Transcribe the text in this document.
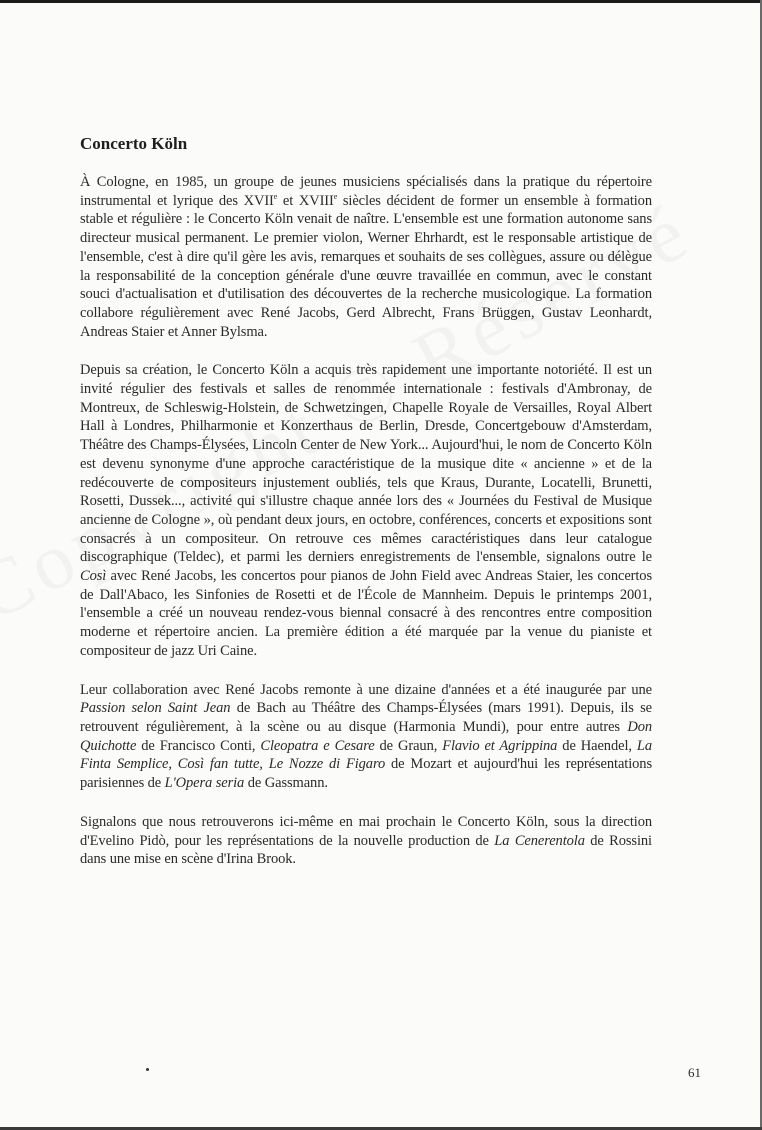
Concerto Köln

À Cologne, en 1985, un groupe de jeunes musiciens spécialisés dans la pratique du répertoire instrumental et lyrique des XVIIe et XVIIIe siècles décident de former un ensemble à formation stable et régulière : le Concerto Köln venait de naître. L'ensemble est une formation autonome sans directeur musical permanent. Le premier violon, Werner Ehrhardt, est le responsable artistique de l'ensemble, c'est à dire qu'il gère les avis, remarques et souhaits de ses collègues, assure ou délègue la responsabilité de la conception générale d'une œuvre travaillée en commun, avec le constant souci d'actualisation et d'utilisation des découvertes de la recherche musicologique. La formation collabore régulièrement avec René Jacobs, Gerd Albrecht, Frans Brüggen, Gustav Leonhardt, Andreas Staier et Anner Bylsma.

Depuis sa création, le Concerto Köln a acquis très rapidement une importante notoriété. Il est un invité régulier des festivals et salles de renommée internationale : festivals d'Ambronay, de Montreux, de Schleswig-Holstein, de Schwetzingen, Chapelle Royale de Versailles, Royal Albert Hall à Londres, Philharmonie et Konzerthaus de Berlin, Dresde, Concertgebouw d'Amsterdam, Théâtre des Champs-Élysées, Lincoln Center de New York... Aujourd'hui, le nom de Concerto Köln est devenu synonyme d'une approche caractéristique de la musique dite « ancienne » et de la redécouverte de compositeurs injustement oubliés, tels que Kraus, Durante, Locatelli, Brunetti, Rosetti, Dussek..., activité qui s'illustre chaque année lors des « Journées du Festival de Musique ancienne de Cologne », où pendant deux jours, en octobre, conférences, concerts et expositions sont consacrés à un compositeur. On retrouve ces mêmes caractéristiques dans leur catalogue discographique (Teldec), et parmi les derniers enregistrements de l'ensemble, signalons outre le Così avec René Jacobs, les concertos pour pianos de John Field avec Andreas Staier, les concertos de Dall'Abaco, les Sinfonies de Rosetti et de l'École de Mannheim. Depuis le printemps 2001, l'ensemble a créé un nouveau rendez-vous biennal consacré à des rencontres entre composition moderne et répertoire ancien. La première édition a été marquée par la venue du pianiste et compositeur de jazz Uri Caine.

Leur collaboration avec René Jacobs remonte à une dizaine d'années et a été inaugurée par une Passion selon Saint Jean de Bach au Théâtre des Champs-Élysées (mars 1991). Depuis, ils se retrouvent régulièrement, à la scène ou au disque (Harmonia Mundi), pour entre autres Don Quichotte de Francisco Conti, Cleopatra e Cesare de Graun, Flavio et Agrippina de Haendel, La Finta Semplice, Così fan tutte, Le Nozze di Figaro de Mozart et aujourd'hui les représentations parisiennes de L'Opera seria de Gassmann.

Signalons que nous retrouverons ici-même en mai prochain le Concerto Köln, sous la direction d'Evelino Pidò, pour les représentations de la nouvelle production de La Cenerentola de Rossini dans une mise en scène d'Irina Brook.

61
